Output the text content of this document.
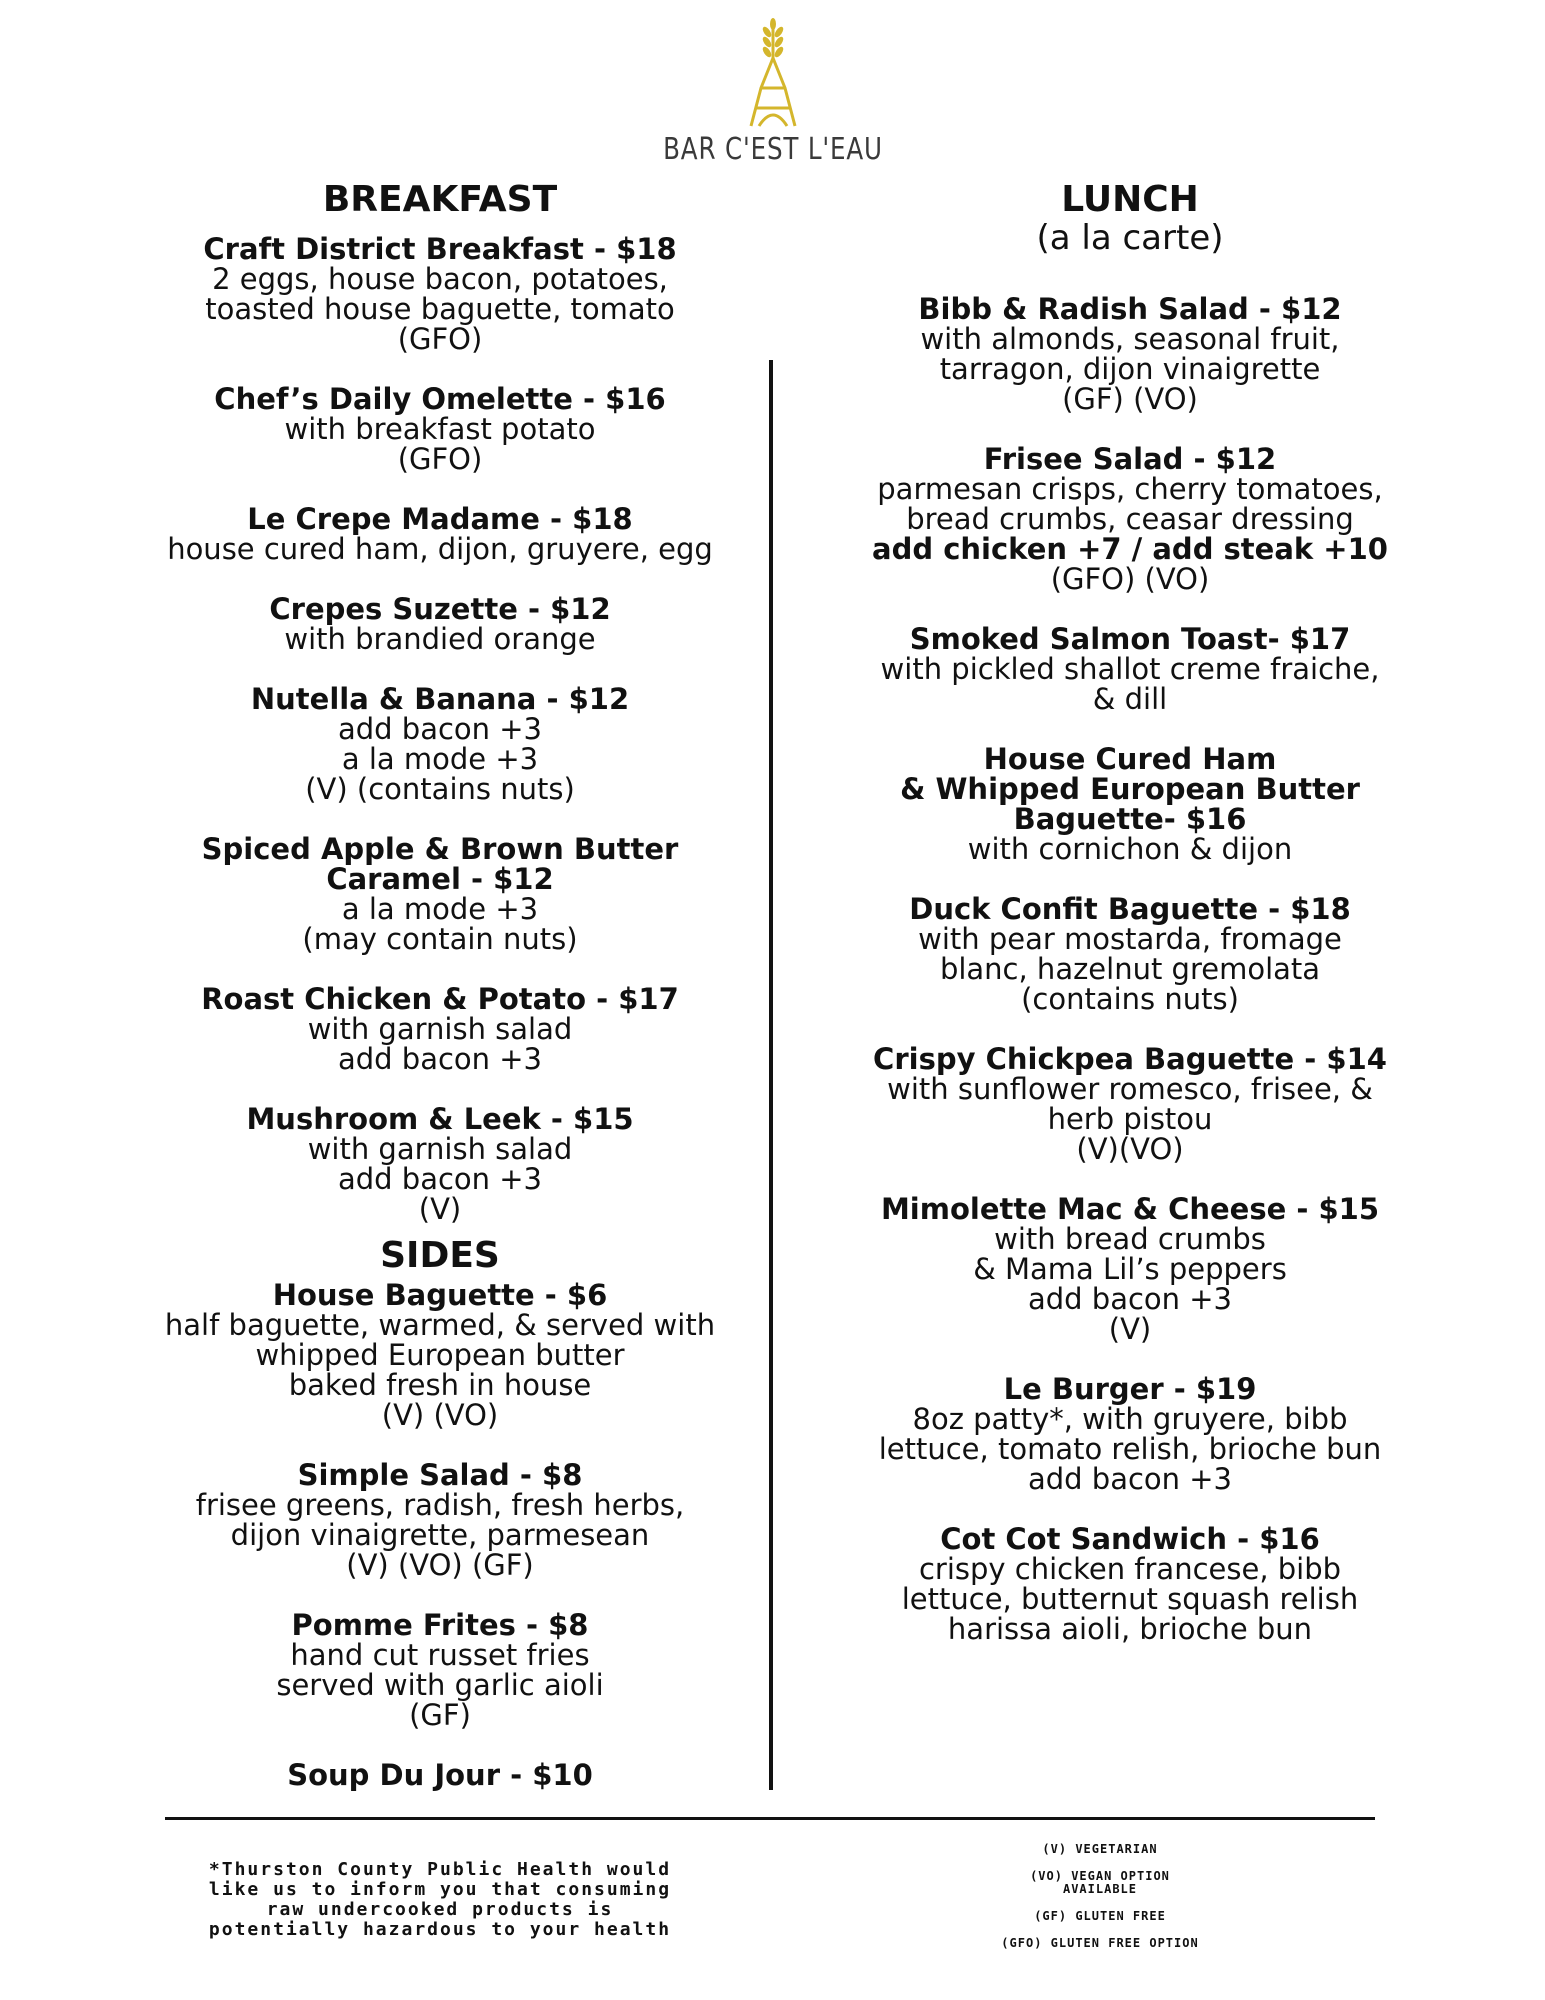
BAR C'EST L'EAU
BREAKFAST
Craft District Breakfast - $18
2 eggs, house bacon, potatoes,
toasted house baguette, tomato
(GFO)
Chef’s Daily Omelette - $16
with breakfast potato
(GFO)
Le Crepe Madame - $18
house cured ham, dijon, gruyere, egg
Crepes Suzette - $12
with brandied orange
Nutella & Banana - $12
add bacon +3
a la mode +3
(V) (contains nuts)
Spiced Apple & Brown Butter
Caramel - $12
a la mode +3
(may contain nuts)
Roast Chicken & Potato - $17
with garnish salad
add bacon +3
Mushroom & Leek - $15
with garnish salad
add bacon +3
(V)
SIDES
House Baguette - $6
half baguette, warmed, & served with
whipped European butter
baked fresh in house
(V) (VO)
Simple Salad - $8
frisee greens, radish, fresh herbs,
dijon vinaigrette, parmesean
(V) (VO) (GF)
Pomme Frites - $8
hand cut russet fries
served with garlic aioli
(GF)
Soup Du Jour - $10
LUNCH
(a la carte)
Bibb & Radish Salad - $12
with almonds, seasonal fruit,
tarragon, dijon vinaigrette
(GF) (VO)
Frisee Salad - $12
parmesan crisps, cherry tomatoes,
bread crumbs, ceasar dressing
add chicken +7 / add steak +10
(GFO) (VO)
Smoked Salmon Toast- $17
with pickled shallot creme fraiche,
& dill
House Cured Ham
& Whipped European Butter
Baguette- $16
with cornichon & dijon
Duck Confit Baguette - $18
with pear mostarda, fromage
blanc, hazelnut gremolata
(contains nuts)
Crispy Chickpea Baguette - $14
with sunflower romesco, frisee, &
herb pistou
(V)(VO)
Mimolette Mac & Cheese - $15
with bread crumbs
& Mama Lil’s peppers
add bacon +3
(V)
Le Burger - $19
8oz patty*, with gruyere, bibb
lettuce, tomato relish, brioche bun
add bacon +3
Cot Cot Sandwich - $16
crispy chicken francese, bibb
lettuce, butternut squash relish
harissa aioli, brioche bun
*Thurston County Public Health would
like us to inform you that consuming
raw undercooked products is
potentially hazardous to your health
(V) VEGETARIAN
(VO) VEGAN OPTION
AVAILABLE
(GF) GLUTEN FREE
(GFO) GLUTEN FREE OPTION
